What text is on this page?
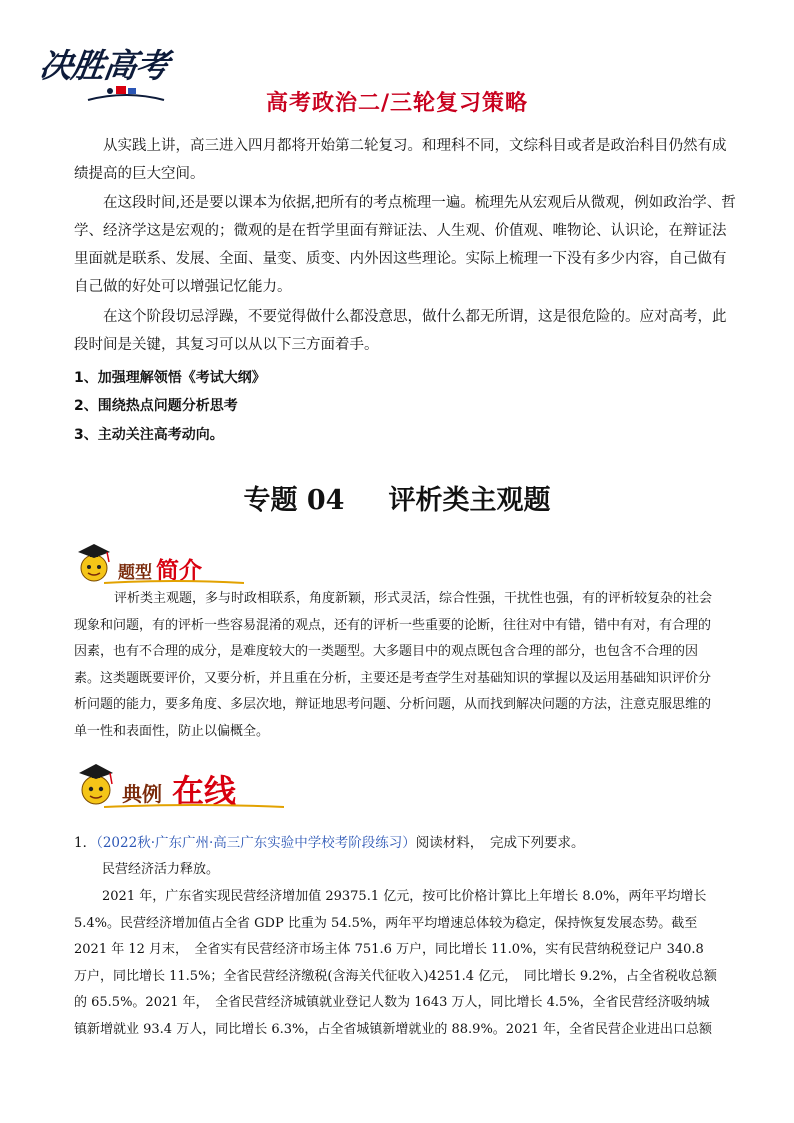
决胜高考
高考政治二/三轮复习策略
从实践上讲，高三进入四月都将开始第二轮复习。和理科不同，文综科目或者是政治科目仍然有成绩提高的巨大空间。
在这段时间,还是要以课本为依据,把所有的考点梳理一遍。梳理先从宏观后从微观，例如政治学、哲学、经济学这是宏观的；微观的是在哲学里面有辩证法、人生观、价值观、唯物论、认识论，在辩证法里面就是联系、发展、全面、量变、质变、内外因这些理论。实际上梳理一下没有多少内容，自己做有自己做的好处可以增强记忆能力。
在这个阶段切忌浮躁，不要觉得做什么都没意思，做什么都无所谓，这是很危险的。应对高考，此段时间是关键，其复习可以从以下三方面着手。
1、加强理解领悟《考试大纲》
2、围绕热点问题分析思考
3、主动关注高考动向。
专题 04 评析类主观题
题型 简介
评析类主观题，多与时政相联系，角度新颖，形式灵活，综合性强，干扰性也强，有的评析较复杂的社会现象和问题，有的评析一些容易混淆的观点，还有的评析一些重要的论断，往往对中有错，错中有对，有合理的因素，也有不合理的成分，是难度较大的一类题型。大多题目中的观点既包含合理的部分，也包含不合理的因素。这类题既要评价，又要分析，并且重在分析，主要还是考查学生对基础知识的掌握以及运用基础知识评价分析问题的能力，要多角度、多层次地，辩证地思考问题、分析问题，从而找到解决问题的方法，注意克服思维的单一性和表面性，防止以偏概全。
典例 在线
1．（2022秋·广东广州·高三广东实验中学校考阶段练习）阅读材料，　完成下列要求。
民营经济活力释放。
2021 年，广东省实现民营经济增加值 29375.1 亿元，按可比价格计算比上年增长 8.0%，两年平均增长 5.4%。民营经济增加值占全省 GDP 比重为 54.5%，两年平均增速总体较为稳定，保持恢复发展态势。截至 2021 年 12 月末，　全省实有民营经济市场主体 751.6 万户，同比增长 11.0%，实有民营纳税登记户 340.8 万户，同比增长 11.5%；全省民营经济缴税(含海关代征收入)4251.4 亿元，　同比增长 9.2%，占全省税收总额的 65.5%。2021 年，　全省民营经济城镇就业登记人数为 1643 万人，同比增长 4.5%，全省民营经济吸纳城镇新增就业 93.4 万人，同比增长 6.3%，占全省城镇新增就业的 88.9%。2021 年，全省民营企业进出口总额
